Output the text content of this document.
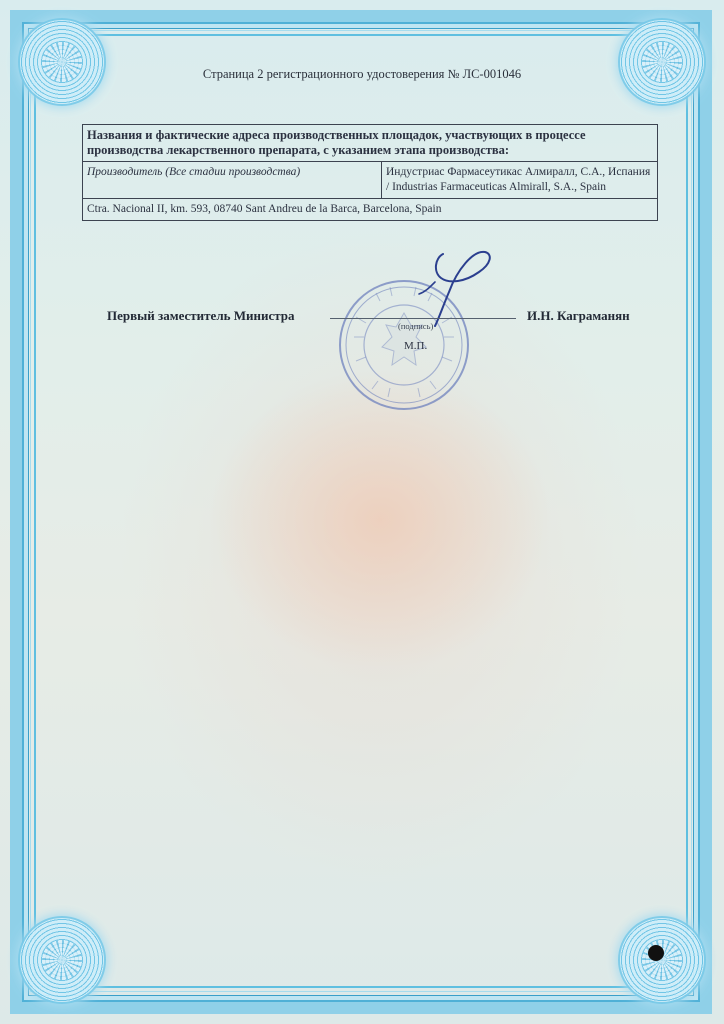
Страница 2 регистрационного удостоверения № ЛС-001046
Названия и фактические адреса производственных площадок, участвующих в процессе производства лекарственного препарата, с указанием этапа производства:
Производитель (Все стадии производства)	Индустриас Фармасеутикас Алмиралл, С.А., Испания / Industrias Farmaceuticas Almirall, S.A., Spain
Ctra. Nacional II, km. 593, 08740 Sant Andreu de la Barca, Barcelona, Spain
Первый заместитель Министра	И.Н. Каграманян
(подпись)
М.П.
